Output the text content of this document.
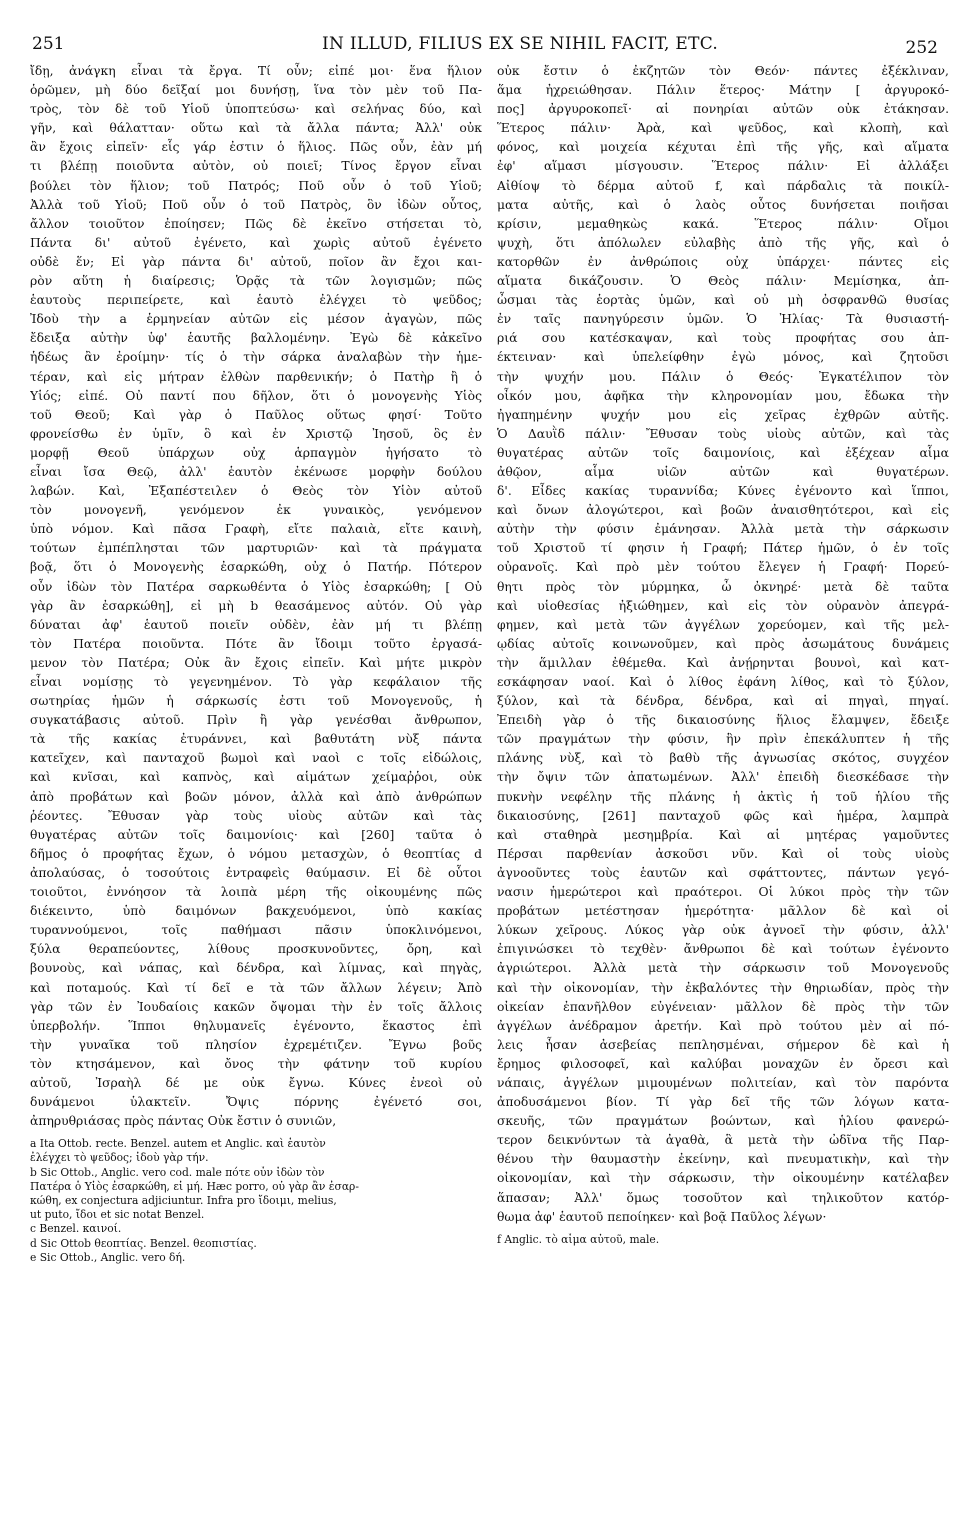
251	IN ILLUD, FILIUS EX SE NIHIL FACIT, ETC.	252
ἴδῃ, ἀνάγκη εἶναι τὰ ἔργα. Τί οὖν; εἰπέ μοι· ἕνα ἥλιον
ὁρῶμεν, μὴ δύο δεῖξαί μοι δυνήσῃ, ἵνα τὸν μὲν τοῦ Πα-
τρὸς, τὸν δὲ τοῦ Υἱοῦ ὑποπτεύσω· καὶ σελήνας δύο, καὶ
γῆν, καὶ θάλατταν· οὕτω καὶ τὰ ἄλλα πάντα; Ἀλλ' οὐκ
ἂν ἔχοις εἰπεῖν· εἷς γάρ ἐστιν ὁ ἥλιος. Πῶς οὖν, ἐὰν μή
τι βλέπῃ ποιοῦντα αὐτὸν, οὐ ποιεῖ; Τίνος ἔργον εἶναι
βούλει τὸν ἥλιον; τοῦ Πατρός; Ποῦ οὖν ὁ τοῦ Υἱοῦ;
Ἀλλὰ τοῦ Υἱοῦ; Ποῦ οὖν ὁ τοῦ Πατρὸς, ὃν ἰδὼν οὗτος,
ἄλλον τοιοῦτον ἐποίησεν; Πῶς δὲ ἐκεῖνο στήσεται τὸ,
Πάντα δι' αὐτοῦ ἐγένετο, καὶ χωρὶς αὐτοῦ ἐγένετο
οὐδὲ ἕν; Εἰ γὰρ πάντα δι' αὐτοῦ, ποῖον ἂν ἔχοι και-
ρὸν αὕτη ἡ διαίρεσις; Ὁρᾷς τὰ τῶν λογισμῶν; πῶς
ἑαυτοὺς περιπείρετε, καὶ ἑαυτὸ ἐλέγχει τὸ ψεῦδος;
Ἰδοὺ τὴν a ἑρμηνείαν αὐτῶν εἰς μέσον ἀγαγὼν, πῶς
ἔδειξα αὐτὴν ὑφ' ἑαυτῆς βαλλομένην. Ἐγὼ δὲ κἀκεῖνο
ἡδέως ἂν ἐροίμην· τίς ὁ τὴν σάρκα ἀναλαβὼν τὴν ἡμε-
τέραν, καὶ εἰς μήτραν ἐλθὼν παρθενικήν; ὁ Πατὴρ ἢ ὁ
Υἱός; εἰπέ. Οὐ παντί που δῆλον, ὅτι ὁ μονογενὴς Υἱὸς
τοῦ Θεοῦ; Καὶ γὰρ ὁ Παῦλος οὕτως φησί· Τοῦτο
φρονείσθω ἐν ὑμῖν, ὃ καὶ ἐν Χριστῷ Ἰησοῦ, ὃς ἐν
μορφῇ Θεοῦ ὑπάρχων οὐχ ἁρπαγμὸν ἡγήσατο τὸ
εἶναι ἴσα Θεῷ, ἀλλ' ἑαυτὸν ἐκένωσε μορφὴν δούλου
λαβών. Καὶ, Ἐξαπέστειλεν ὁ Θεὸς τὸν Υἱὸν αὐτοῦ
τὸν μονογενῆ, γενόμενον ἐκ γυναικὸς, γενόμενον
ὑπὸ νόμον. Καὶ πᾶσα Γραφὴ, εἴτε παλαιὰ, εἴτε καινὴ,
τούτων ἐμπέπλησται τῶν μαρτυριῶν· καὶ τὰ πράγματα
βοᾷ, ὅτι ὁ Μονογενὴς ἐσαρκώθη, οὐχ ὁ Πατήρ. Πότερον
οὖν ἰδὼν τὸν Πατέρα σαρκωθέντα ὁ Υἱὸς ἐσαρκώθη; [ Οὐ
γὰρ ἂν ἐσαρκώθη], εἰ μὴ b θεασάμενος αὐτόν. Οὐ γὰρ
δύναται ἀφ' ἑαυτοῦ ποιεῖν οὐδὲν, ἐὰν μή τι βλέπῃ
τὸν Πατέρα ποιοῦντα. Πότε ἂν ἴδοιμι τοῦτο ἐργασά-
μενον τὸν Πατέρα; Οὐκ ἂν ἔχοις εἰπεῖν. Καὶ μήτε μικρὸν
εἶναι νομίσῃς τὸ γεγενημένον. Τὸ γὰρ κεφάλαιον τῆς
σωτηρίας ἡμῶν ἡ σάρκωσίς ἐστι τοῦ Μονογενοῦς, ἡ
συγκατάβασις αὐτοῦ. Πρὶν ἢ γὰρ γενέσθαι ἄνθρωπον,
τὰ τῆς κακίας ἐτυράννει, καὶ βαθυτάτη νὺξ πάντα
κατεῖχεν, καὶ πανταχοῦ βωμοὶ καὶ ναοὶ c τοῖς εἰδώλοις,
καὶ κνῖσαι, καὶ καπνὸς, καὶ αἱμάτων χείμαῤῥοι, οὐκ
ἀπὸ προβάτων καὶ βοῶν μόνον, ἀλλὰ καὶ ἀπὸ ἀνθρώπων
ῥέοντες. Ἔθυσαν γὰρ τοὺς υἱοὺς αὐτῶν καὶ τὰς
θυγατέρας αὐτῶν τοῖς δαιμονίοις· καὶ [260] ταῦτα ὁ
δῆμος ὁ προφήτας ἔχων, ὁ νόμου μετασχὼν, ὁ θεοπτίας d
ἀπολαύσας, ὁ τοσούτοις ἐντραφεὶς θαύμασιν. Εἰ δὲ οὗτοι
τοιοῦτοι, ἐννόησον τὰ λοιπὰ μέρη τῆς οἰκουμένης πῶς
διέκειντο, ὑπὸ δαιμόνων βακχευόμενοι, ὑπὸ κακίας
τυραννούμενοι, τοῖς παθήμασι πᾶσιν ὑποκλινόμενοι,
ξύλα θεραπεύοντες, λίθους προσκυνοῦντες, ὄρη, καὶ
βουνοὺς, καὶ νάπας, καὶ δένδρα, καὶ λίμνας, καὶ πηγὰς,
καὶ ποταμούς. Καὶ τί δεῖ e τὰ τῶν ἄλλων λέγειν; Ἀπὸ
γὰρ τῶν ἐν Ἰουδαίοις κακῶν ὄψομαι τὴν ἐν τοῖς ἄλλοις
ὑπερβολήν. Ἵπποι θηλυμανεῖς ἐγένοντο, ἕκαστος ἐπὶ
τὴν γυναῖκα τοῦ πλησίον ἐχρεμέτιζεν. Ἔγνω βοῦς
τὸν κτησάμενον, καὶ ὄνος τὴν φάτνην τοῦ κυρίου
αὐτοῦ, Ἰσραὴλ δέ με οὐκ ἔγνω. Κύνες ἐνεοὶ οὐ
δυνάμενοι ὑλακτεῖν. Ὄψις πόρνης ἐγένετό σοι,
ἀπηρυθριάσας πρὸς πάντας Οὐκ ἔστιν ὁ συνιῶν,
a Ita Ottob. recte. Benzel. autem et Anglic. καὶ ἑαυτὸν
ἐλέγχει τὸ ψεῦδος; ἰδοὺ γὰρ τήν.
b Sic Ottob., Anglic. vero cod. male πότε οὖν ἰδὼν τὸν
Πατέρα ὁ Υἱὸς ἐσαρκώθη, εἰ μή. Hæc porro, οὐ γὰρ ἂν ἐσαρ-
κώθη, ex conjectura adjiciuntur. Infra pro ἴδοιμι, melius,
ut puto, ἴδοι et sic notat Benzel.
c Benzel. καινοί.
d Sic Ottob θεοπτίας. Benzel. θεοπιστίας.
e Sic Ottob., Anglic. vero δή.
οὐκ ἔστιν ὁ ἐκζητῶν τὸν Θεόν· πάντες ἐξέκλιναν,
ἅμα ἠχρειώθησαν. Πάλιν ἕτερος· Μάτην [ ἀργυροκό-
πος] ἀργυροκοπεῖ· αἱ πονηρίαι αὐτῶν οὐκ ἐτάκησαν.
Ἕτερος πάλιν· Ἀρὰ, καὶ ψεῦδος, καὶ κλοπὴ, καὶ
φόνος, καὶ μοιχεία κέχυται ἐπὶ τῆς γῆς, καὶ αἵματα
ἐφ' αἵμασι μίσγουσιν. Ἕτερος πάλιν· Εἰ ἀλλάξει
Αἰθίοψ τὸ δέρμα αὐτοῦ f, καὶ πάρδαλις τὰ ποικίλ-
ματα αὐτῆς, καὶ ὁ λαὸς οὗτος δυνήσεται ποιῆσαι
κρίσιν, μεμαθηκὼς κακά. Ἕτερος πάλιν· Οἴμοι
ψυχὴ, ὅτι ἀπόλωλεν εὐλαβὴς ἀπὸ τῆς γῆς, καὶ ὁ
κατορθῶν ἐν ἀνθρώποις οὐχ ὑπάρχει· πάντες εἰς
αἵματα δικάζουσιν. Ὁ Θεὸς πάλιν· Μεμίσηκα, ἀπ-
ὦσμαι τὰς ἑορτὰς ὑμῶν, καὶ οὐ μὴ ὀσφρανθῶ θυσίας
ἐν ταῖς πανηγύρεσιν ὑμῶν. Ὁ Ἠλίας· Τὰ θυσιαστή-
ριά σου κατέσκαψαν, καὶ τοὺς προφήτας σου ἀπ-
έκτειναν· καὶ ὑπελείφθην ἐγὼ μόνος, καὶ ζητοῦσι
τὴν ψυχήν μου. Πάλιν ὁ Θεός· Ἐγκατέλιπον τὸν
οἶκόν μου, ἀφῆκα τὴν κληρονομίαν μου, ἔδωκα τὴν
ἠγαπημένην ψυχήν μου εἰς χεῖρας ἐχθρῶν αὐτῆς.
Ὁ Δαυῒδ πάλιν· Ἔθυσαν τοὺς υἱοὺς αὐτῶν, καὶ τὰς
θυγατέρας αὐτῶν τοῖς δαιμονίοις, καὶ ἐξέχεαν αἷμα
ἀθῷον, αἷμα υἱῶν αὐτῶν καὶ θυγατέρων.
δ'. Εἶδες κακίας τυραννίδα; Κύνες ἐγένοντο καὶ ἵπποι,
καὶ ὄνων ἀλογώτεροι, καὶ βοῶν ἀναισθητότεροι, καὶ εἰς
αὐτὴν τὴν φύσιν ἐμάνησαν. Ἀλλὰ μετὰ τὴν σάρκωσιν
τοῦ Χριστοῦ τί φησιν ἡ Γραφή; Πάτερ ἡμῶν, ὁ ἐν τοῖς
οὐρανοῖς. Καὶ πρὸ μὲν τούτου ἔλεγεν ἡ Γραφή· Πορεύ-
θητι πρὸς τὸν μύρμηκα, ὦ ὀκνηρέ· μετὰ δὲ ταῦτα
καὶ υἱοθεσίας ἠξιώθημεν, καὶ εἰς τὸν οὐρανὸν ἀπεγρά-
φημεν, καὶ μετὰ τῶν ἀγγέλων χορεύομεν, καὶ τῆς μελ-
ῳδίας αὐτοῖς κοινωνοῦμεν, καὶ πρὸς ἀσωμάτους δυνάμεις
τὴν ἅμιλλαν ἐθέμεθα. Καὶ ἀνῄρηνται βουνοὶ, καὶ κατ-
εσκάφησαν ναοί. Καὶ ὁ λίθος ἐφάνη λίθος, καὶ τὸ ξύλον,
ξύλον, καὶ τὰ δένδρα, δένδρα, καὶ αἱ πηγαὶ, πηγαί.
Ἐπειδὴ γὰρ ὁ τῆς δικαιοσύνης ἥλιος ἔλαμψεν, ἔδειξε
τῶν πραγμάτων τὴν φύσιν, ἣν πρὶν ἐπεκάλυπτεν ἡ τῆς
πλάνης νὺξ, καὶ τὸ βαθὺ τῆς ἀγνωσίας σκότος, συγχέον
τὴν ὄψιν τῶν ἀπατωμένων. Ἀλλ' ἐπειδὴ διεσκέδασε τὴν
πυκνὴν νεφέλην τῆς πλάνης ἡ ἀκτὶς ἡ τοῦ ἡλίου τῆς
δικαιοσύνης, [261] πανταχοῦ φῶς καὶ ἡμέρα, λαμπρὰ
καὶ σταθηρὰ μεσημβρία. Καὶ αἱ μητέρας γαμοῦντες
Πέρσαι παρθενίαν ἀσκοῦσι νῦν. Καὶ οἱ τοὺς υἱοὺς
ἀγνοοῦντες τοὺς ἑαυτῶν καὶ σφάττοντες, πάντων γεγό-
νασιν ἡμερώτεροι καὶ πραότεροι. Οἱ λύκοι πρὸς τὴν τῶν
προβάτων μετέστησαν ἡμερότητα· μᾶλλον δὲ καὶ οἱ
λύκων χεῖρους. Λύκος γὰρ οὐκ ἀγνοεῖ τὴν φύσιν, ἀλλ'
ἐπιγινώσκει τὸ τεχθὲν· ἄνθρωποι δὲ καὶ τούτων ἐγένοντο
ἀγριώτεροι. Ἀλλὰ μετὰ τὴν σάρκωσιν τοῦ Μονογενοῦς
καὶ τὴν οἰκονομίαν, τὴν ἐκβαλόντες τὴν θηριωδίαν, πρὸς τὴν
οἰκείαν ἐπανῆλθον εὐγένειαν· μᾶλλον δὲ πρὸς τὴν τῶν
ἀγγέλων ἀνέδραμον ἀρετήν. Καὶ πρὸ τούτου μὲν αἱ πό-
λεις ἦσαν ἀσεβείας πεπλησμέναι, σήμερον δὲ καὶ ἡ
ἔρημος φιλοσοφεῖ, καὶ καλύβαι μοναχῶν ἐν ὄρεσι καὶ
νάπαις, ἀγγέλων μιμουμένων πολιτείαν, καὶ τὸν παρόντα
ἀποδυσάμενοι βίον. Τί γὰρ δεῖ τῆς τῶν λόγων κατα-
σκευῆς, τῶν πραγμάτων βοώντων, καὶ ἡλίου φανερώ-
τερον δεικνύντων τὰ ἀγαθὰ, ἃ μετὰ τὴν ὠδῖνα τῆς Παρ-
θένου τὴν θαυμαστὴν ἐκείνην, καὶ πνευματικὴν, καὶ τὴν
οἰκονομίαν, καὶ τὴν σάρκωσιν, τὴν οἰκουμένην κατέλαβεν
ἅπασαν; Ἀλλ' ὅμως τοσοῦτον καὶ τηλικοῦτον κατόρ-
θωμα ἀφ' ἑαυτοῦ πεποίηκεν· καὶ βοᾷ Παῦλος λέγων·
f Anglic. τὸ αἷμα αὐτοῦ, male.
